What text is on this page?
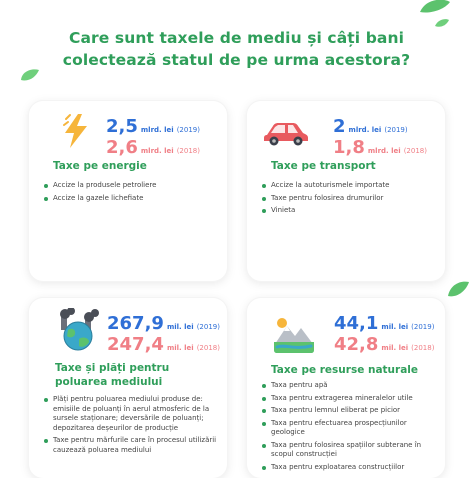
Care sunt taxele de mediu și câți bani
colectează statul de pe urma acestora?
2,5 mlrd. lei (2019)
2,6 mlrd. lei (2018)
Taxe pe energie
Accize la produsele petroliere
Accize la gazele lichefiate
2 mlrd. lei (2019)
1,8 mlrd. lei (2018)
Taxe pe transport
Accize la autoturismele importate
Taxe pentru folosirea drumurilor
Vinieta
267,9 mil. lei (2019)
247,4 mil. lei (2018)
Taxe și plăți pentru
poluarea mediului
Plăți pentru poluarea mediului produse de: emisiile de poluanți în aerul atmosferic de la sursele staționare; deversările de poluanți; depozitarea deșeurilor de producție
Taxe pentru mărfurile care în procesul utilizării cauzează poluarea mediului
44,1 mil. lei (2019)
42,8 mil. lei (2018)
Taxe pe resurse naturale
Taxa pentru apă
Taxa pentru extragerea mineralelor utile
Taxa pentru lemnul eliberat pe picior
Taxa pentru efectuarea prospecțiunilor geologice
Taxa pentru folosirea spațiilor subterane în scopul construcției
Taxa pentru exploatarea construcțiilor
